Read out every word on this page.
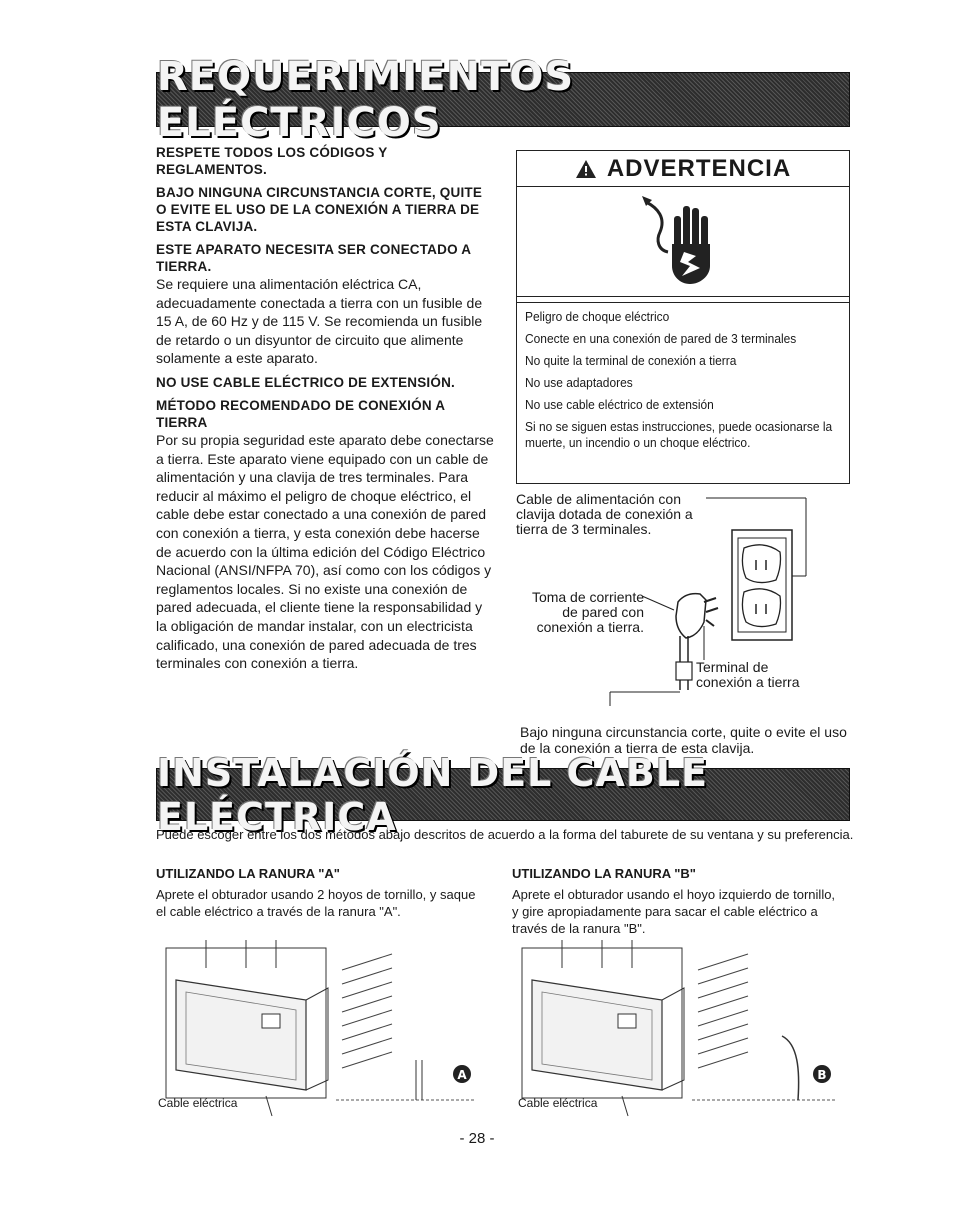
REQUERIMIENTOS ELÉCTRICOS

RESPETE TODOS LOS CÓDIGOS Y REGLAMENTOS.

BAJO NINGUNA CIRCUNSTANCIA CORTE, QUITE O EVITE EL USO DE LA CONEXIÓN A TIERRA DE ESTA CLAVIJA.

ESTE APARATO NECESITA SER CONECTADO A TIERRA.

Se requiere una alimentación eléctrica CA, adecuadamente conectada a tierra con un fusible de 15 A, de 60 Hz y de 115 V. Se recomienda un fusible de retardo o un disyuntor de circuito que alimente solamente a este aparato.

NO USE CABLE ELÉCTRICO DE EXTENSIÓN.

MÉTODO RECOMENDADO DE CONEXIÓN A TIERRA

Por su propia seguridad este aparato debe conectarse a tierra. Este aparato viene equipado con un cable de alimentación y una clavija de tres terminales. Para reducir al máximo el peligro de choque eléctrico, el cable debe estar conectado a una conexión de pared con conexión a tierra, y esta conexión debe hacerse de acuerdo con la última edición del Código Eléctrico Nacional (ANSI/NFPA 70), así como con los códigos y reglamentos locales. Si no existe una conexión de pared adecuada, el cliente tiene la responsabilidad y la obligación de mandar instalar, con un electricista calificado, una conexión de pared adecuada de tres terminales con conexión a tierra.

ADVERTENCIA

Peligro de choque eléctrico

Conecte en una conexión de pared de 3 terminales

No quite la terminal de conexión a tierra

No use adaptadores

No use cable eléctrico de extensión

Si no se siguen estas instrucciones, puede ocasionarse la muerte, un incendio o un choque eléctrico.

Cable de alimentación con clavija dotada de conexión a tierra de 3 terminales.
Toma de corriente de pared con conexión a tierra.
Terminal de conexión a tierra

Bajo ninguna circunstancia corte, quite o evite el uso de la conexión a tierra de esta clavija.

INSTALACIÓN DEL CABLE ELÉCTRICA

Puede escoger entre los dos métodos abajo descritos de acuerdo a la forma del taburete de su ventana y su preferencia.

UTILIZANDO LA RANURA "A"

Aprete el obturador usando 2 hoyos de tornillo, y saque el cable eléctrico a través de la ranura "A".

UTILIZANDO LA RANURA "B"

Aprete el obturador usando el hoyo izquierdo de tornillo, y gire apropiadamente para sacar el cable eléctrico a través de la ranura "B".

A
Cable eléctrica
B
Cable eléctrica
- 28 -
